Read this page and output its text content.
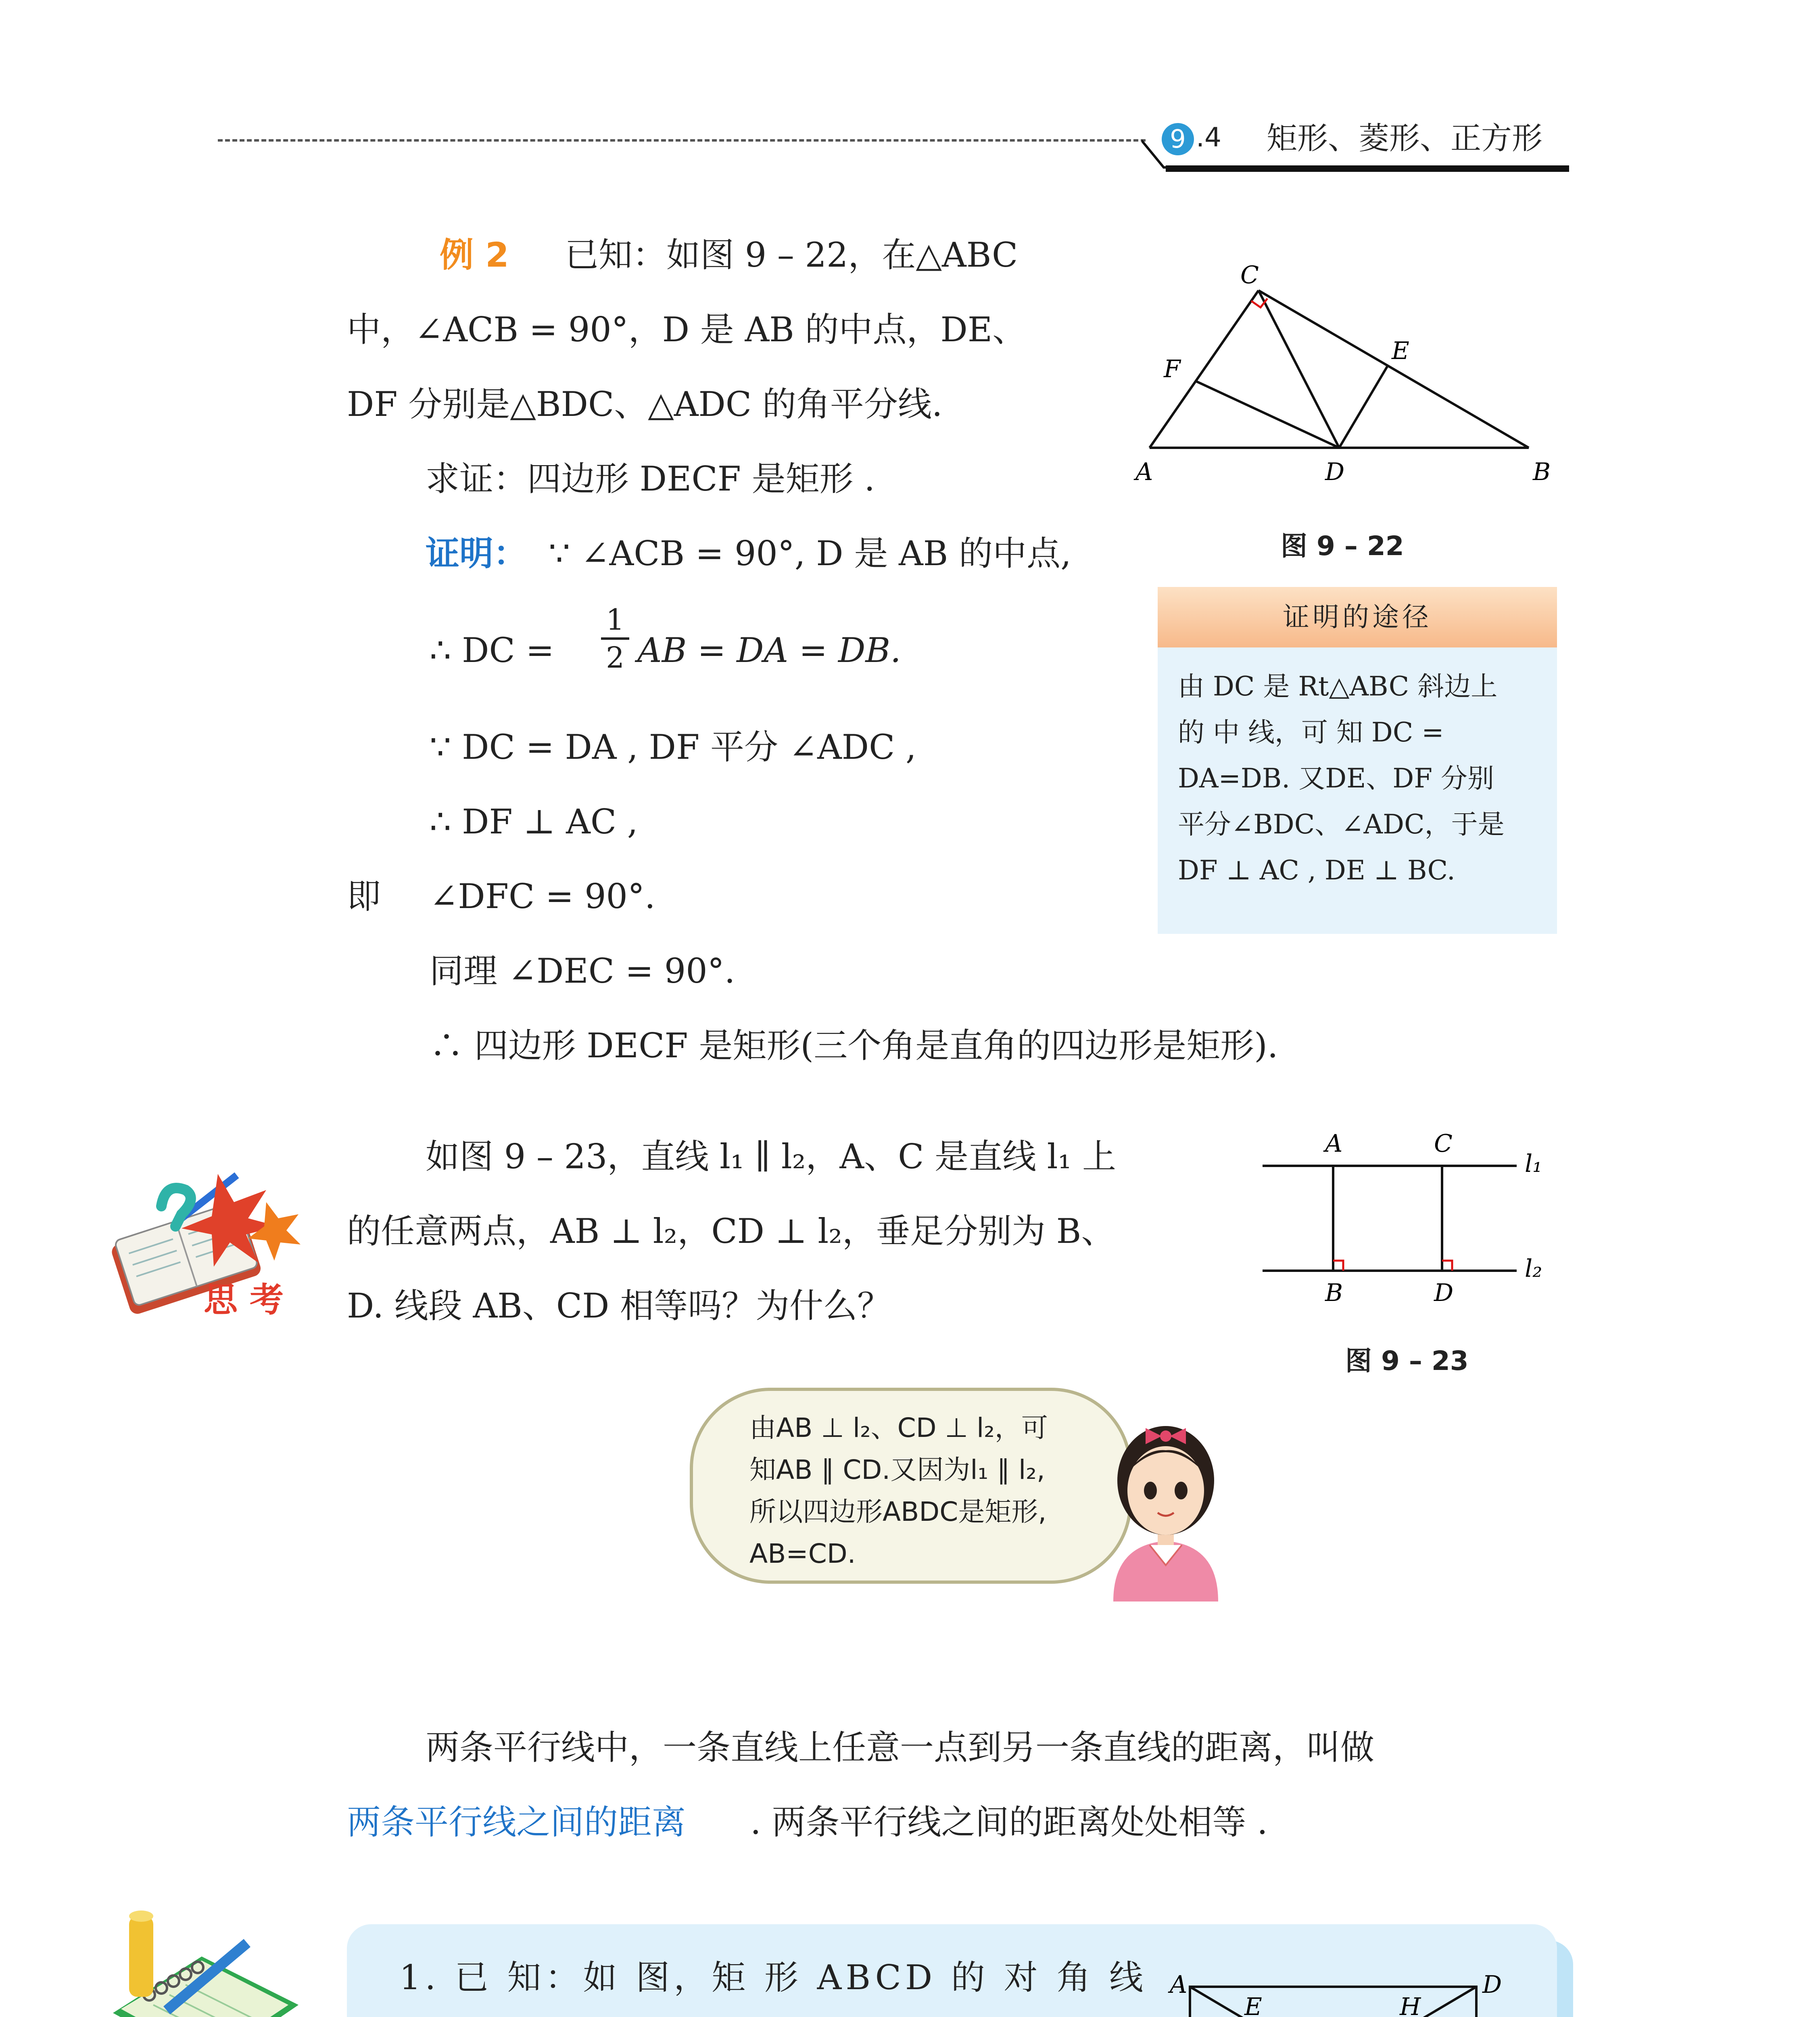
9 .4 矩形、菱形、正方形
例 2 已知：如图 9 – 22，在△ABC
中，∠ACB = 90°，D 是 AB 的中点，DE、
DF 分别是△BDC、△ADC 的角平分线.
求证：四边形 DECF 是矩形 .
证明： ∵ ∠ACB = 90°, D 是 AB 的中点,
∴ DC =
1
2 AB = DA = DB.
∵ DC = DA , DF 平分 ∠ADC ,
∴ DF ⊥ AC ,
即 ∠DFC = 90°.
同理 ∠DEC = 90°.
∴ 四边形 DECF 是矩形(三个角是直角的四边形是矩形).
C
F
E
A	D	B
图 9 – 22
证明的途径
由 DC 是 Rt△ABC 斜边上
的 中 线，可 知 DC =
DA=DB. 又DE、DF 分别
平分∠BDC、∠ADC，于是
DF ⊥ AC , DE ⊥ BC.
思考
如图 9 – 23，直线 l₁ ∥ l₂，A、C 是直线 l₁ 上
的任意两点，AB ⊥ l₂，CD ⊥ l₂，垂足分别为 B、
D. 线段 AB、CD 相等吗？为什么？
A	C
B	D
l₁
l₂
图 9 – 23
由AB ⊥ l₂、CD ⊥ l₂，可
知AB ∥ CD.又因为l₁ ∥ l₂,
所以四边形ABDC是矩形,
AB=CD.
两条平行线中，一条直线上任意一点到另一条直线的距离，叫做
两条平行线之间的距离 . 两条平行线之间的距离处处相等 .
1. 已 知：如 图，矩 形 ABCD 的 对 角 线 A	D
E	H
